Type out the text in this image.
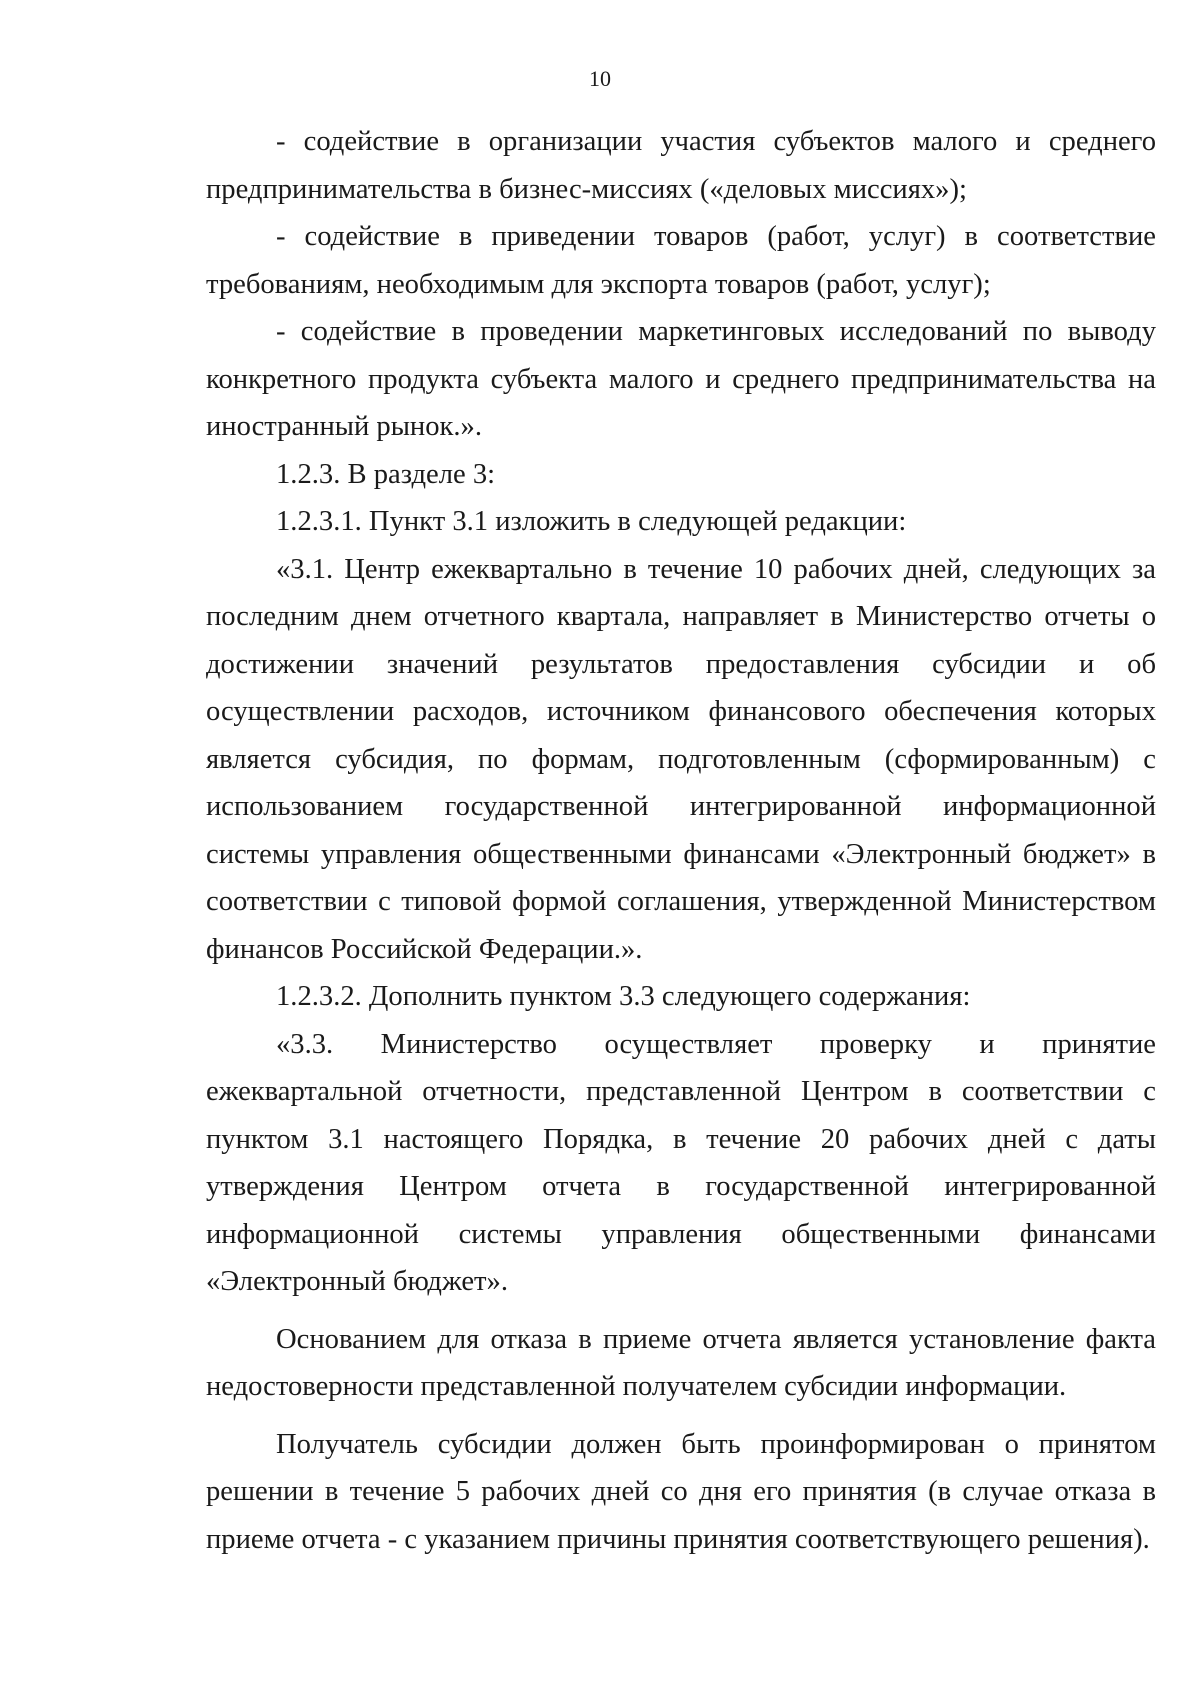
10

- содействие в организации участия субъектов малого и среднего предпринимательства в бизнес-миссиях («деловых миссиях»);

- содействие в приведении товаров (работ, услуг) в соответствие требованиям, необходимым для экспорта товаров (работ, услуг);

- содействие в проведении маркетинговых исследований по выводу конкретного продукта субъекта малого и среднего предпринимательства на иностранный рынок.».

1.2.3. В разделе 3:

1.2.3.1. Пункт 3.1 изложить в следующей редакции:

«3.1. Центр ежеквартально в течение 10 рабочих дней, следующих за последним днем отчетного квартала, направляет в Министерство отчеты о достижении значений результатов предоставления субсидии и об осуществлении расходов, источником финансового обеспечения которых является субсидия, по формам, подготовленным (сформированным) с использованием государственной интегрированной информационной системы управления общественными финансами «Электронный бюджет» в соответствии с типовой формой соглашения, утвержденной Министерством финансов Российской Федерации.».

1.2.3.2. Дополнить пунктом 3.3 следующего содержания:

«3.3. Министерство осуществляет проверку и принятие ежеквартальной отчетности, представленной Центром в соответствии с пунктом 3.1 настоящего Порядка, в течение 20 рабочих дней с даты утверждения Центром отчета в государственной интегрированной информационной системы управления общественными финансами «Электронный бюджет».

Основанием для отказа в приеме отчета является установление факта недостоверности представленной получателем субсидии информации.

Получатель субсидии должен быть проинформирован о принятом решении в течение 5 рабочих дней со дня его принятия (в случае отказа в приеме отчета - с указанием причины принятия соответствующего решения).
